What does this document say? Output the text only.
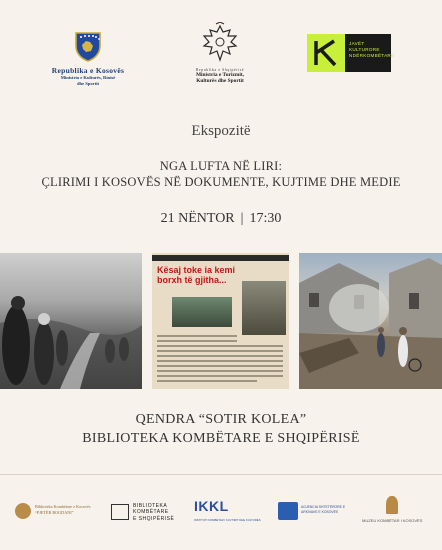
Republika e Kosovës
Ministria e Kulturës, Rinisë
dhe Sportit
Republika e Shqipërisë
Ministria e Turizmit,
Kulturës dhe Sportit
JAVËT
KULTURORE
NDËRKOMBËTARE
Ekspozitë
NGA LUFTA NË LIRI:
ÇLIRIMI I KOSOVËS NË DOKUMENTE, KUJTIME DHE MEDIE
21 NËNTOR | 17:30
Kësaj toke ia kemi
borxh të gjitha...
QENDRA “SOTIR KOLEA”
BIBLIOTEKA KOMBËTARE E SHQIPËRISË
Biblioteka Kombëtare e Kosovës
“PJETËR BOGDANI”
BIBLIOTEKA
KOMBËTARE
E SHQIPËRISË
IKKL
INSTITUTI KOMBËTAR I KUJTIMIT DHE KULTURËS
AGJENCIA SHTETËRORE E
ARKIVAVE E KOSOVËS
MUZEU KOMBËTAR I KOSOVËS
